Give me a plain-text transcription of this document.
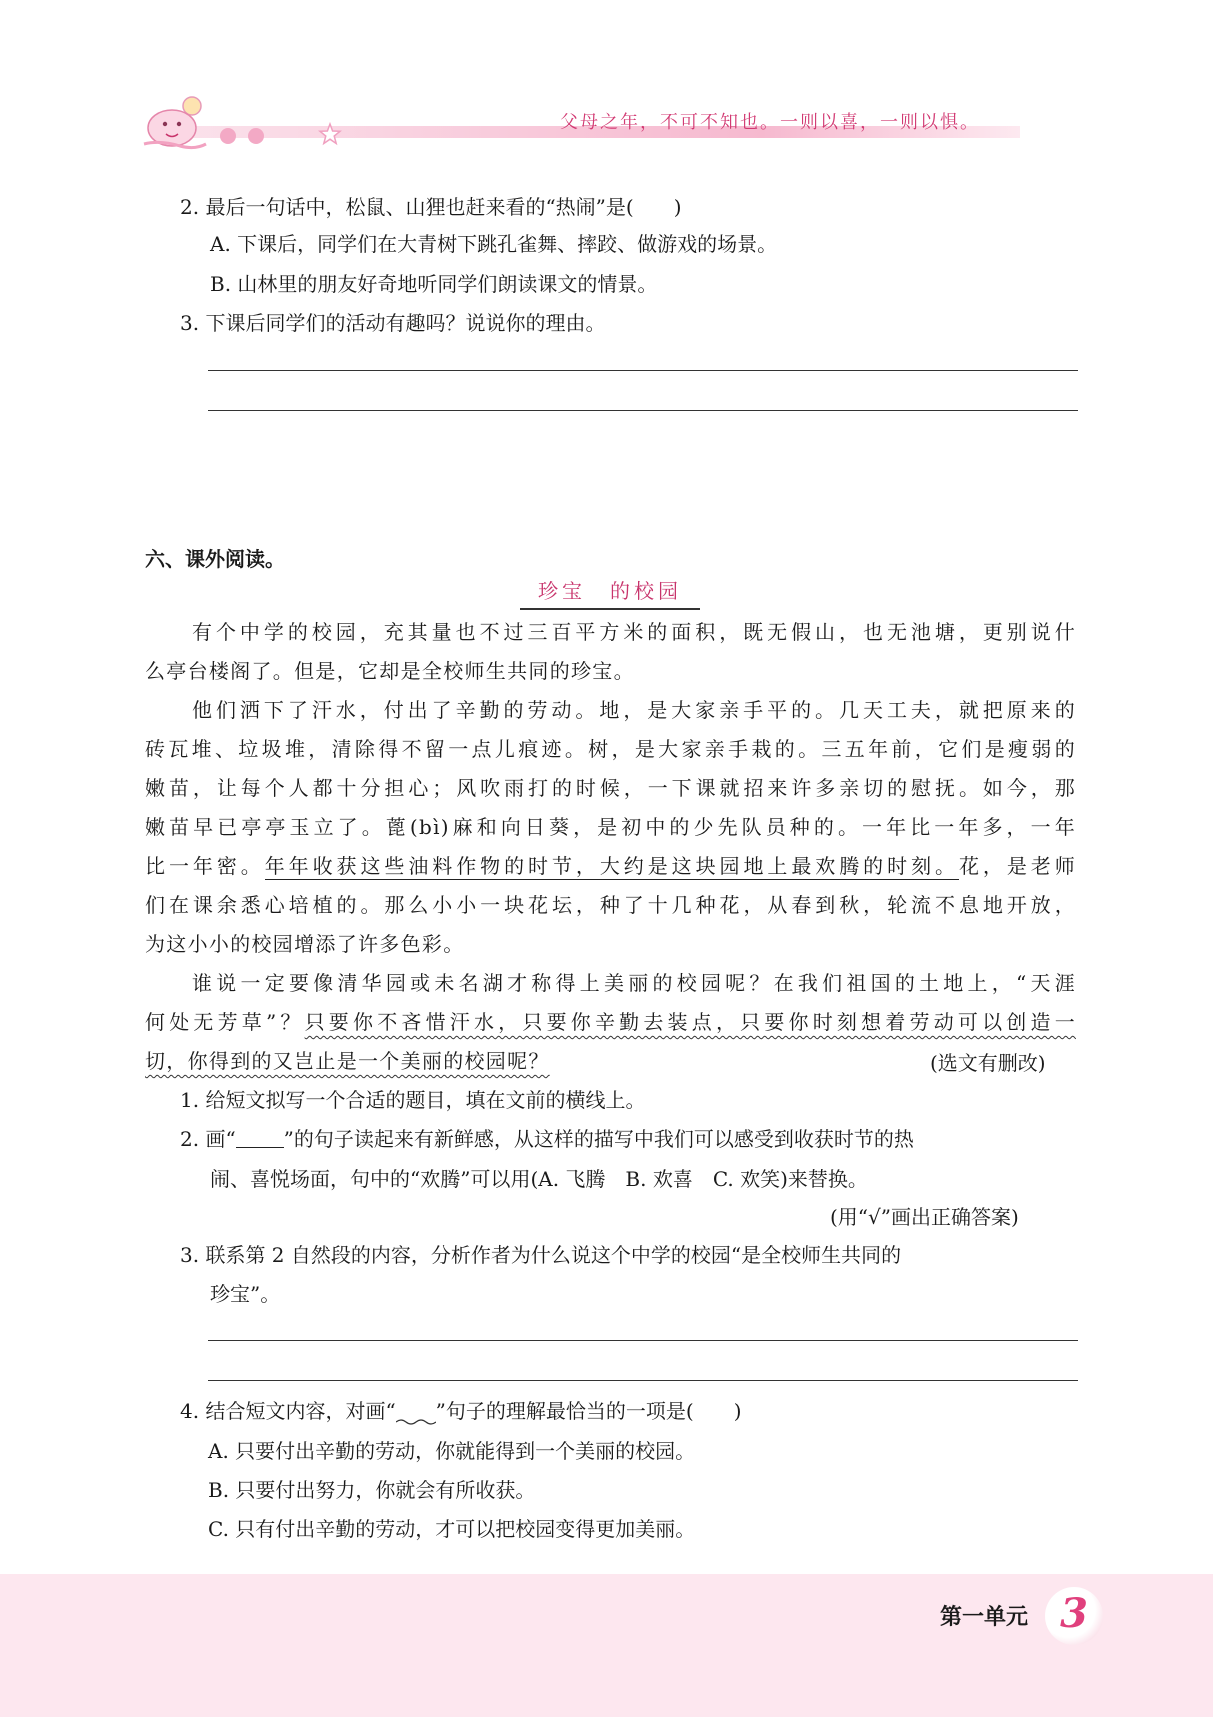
父母之年，不可不知也。一则以喜，一则以惧。
2. 最后一句话中，松鼠、山狸也赶来看的“热闹”是(　　)
A. 下课后，同学们在大青树下跳孔雀舞、摔跤、做游戏的场景。
B. 山林里的朋友好奇地听同学们朗读课文的情景。
3. 下课后同学们的活动有趣吗？说说你的理由。
六、课外阅读。
珍宝　的校园
有个中学的校园，充其量也不过三百平方米的面积，既无假山，也无池塘，更别说什
么亭台楼阁了。但是，它却是全校师生共同的珍宝。
他们洒下了汗水，付出了辛勤的劳动。地，是大家亲手平的。几天工夫，就把原来的
砖瓦堆、垃圾堆，清除得不留一点儿痕迹。树，是大家亲手栽的。三五年前，它们是瘦弱的
嫩苗，让每个人都十分担心；风吹雨打的时候，一下课就招来许多亲切的慰抚。如今，那
嫩苗早已亭亭玉立了。蓖(bì)麻和向日葵，是初中的少先队员种的。一年比一年多，一年
比一年密。年年收获这些油料作物的时节，大约是这块园地上最欢腾的时刻。花，是老师
们在课余悉心培植的。那么小小一块花坛，种了十几种花，从春到秋，轮流不息地开放，
为这小小的校园增添了许多色彩。
谁说一定要像清华园或未名湖才称得上美丽的校园呢？在我们祖国的土地上，“天涯
何处无芳草”？只要你不吝惜汗水，只要你辛勤去装点，只要你时刻想着劳动可以创造一
切，你得到的又岂止是一个美丽的校园呢？	(选文有删改)
1. 给短文拟写一个合适的题目，填在文前的横线上。
2. 画“ ”的句子读起来有新鲜感，从这样的描写中我们可以感受到收获时节的热
闹、喜悦场面，句中的“欢腾”可以用(A. 飞腾　B. 欢喜　C. 欢笑)来替换。
(用“√”画出正确答案)
3. 联系第 2 自然段的内容，分析作者为什么说这个中学的校园“是全校师生共同的
珍宝”。
4. 结合短文内容，对画“ ”句子的理解最恰当的一项是(　　)
A. 只要付出辛勤的劳动，你就能得到一个美丽的校园。
B. 只要付出努力，你就会有所收获。
C. 只有付出辛勤的劳动，才可以把校园变得更加美丽。
第一单元 3
